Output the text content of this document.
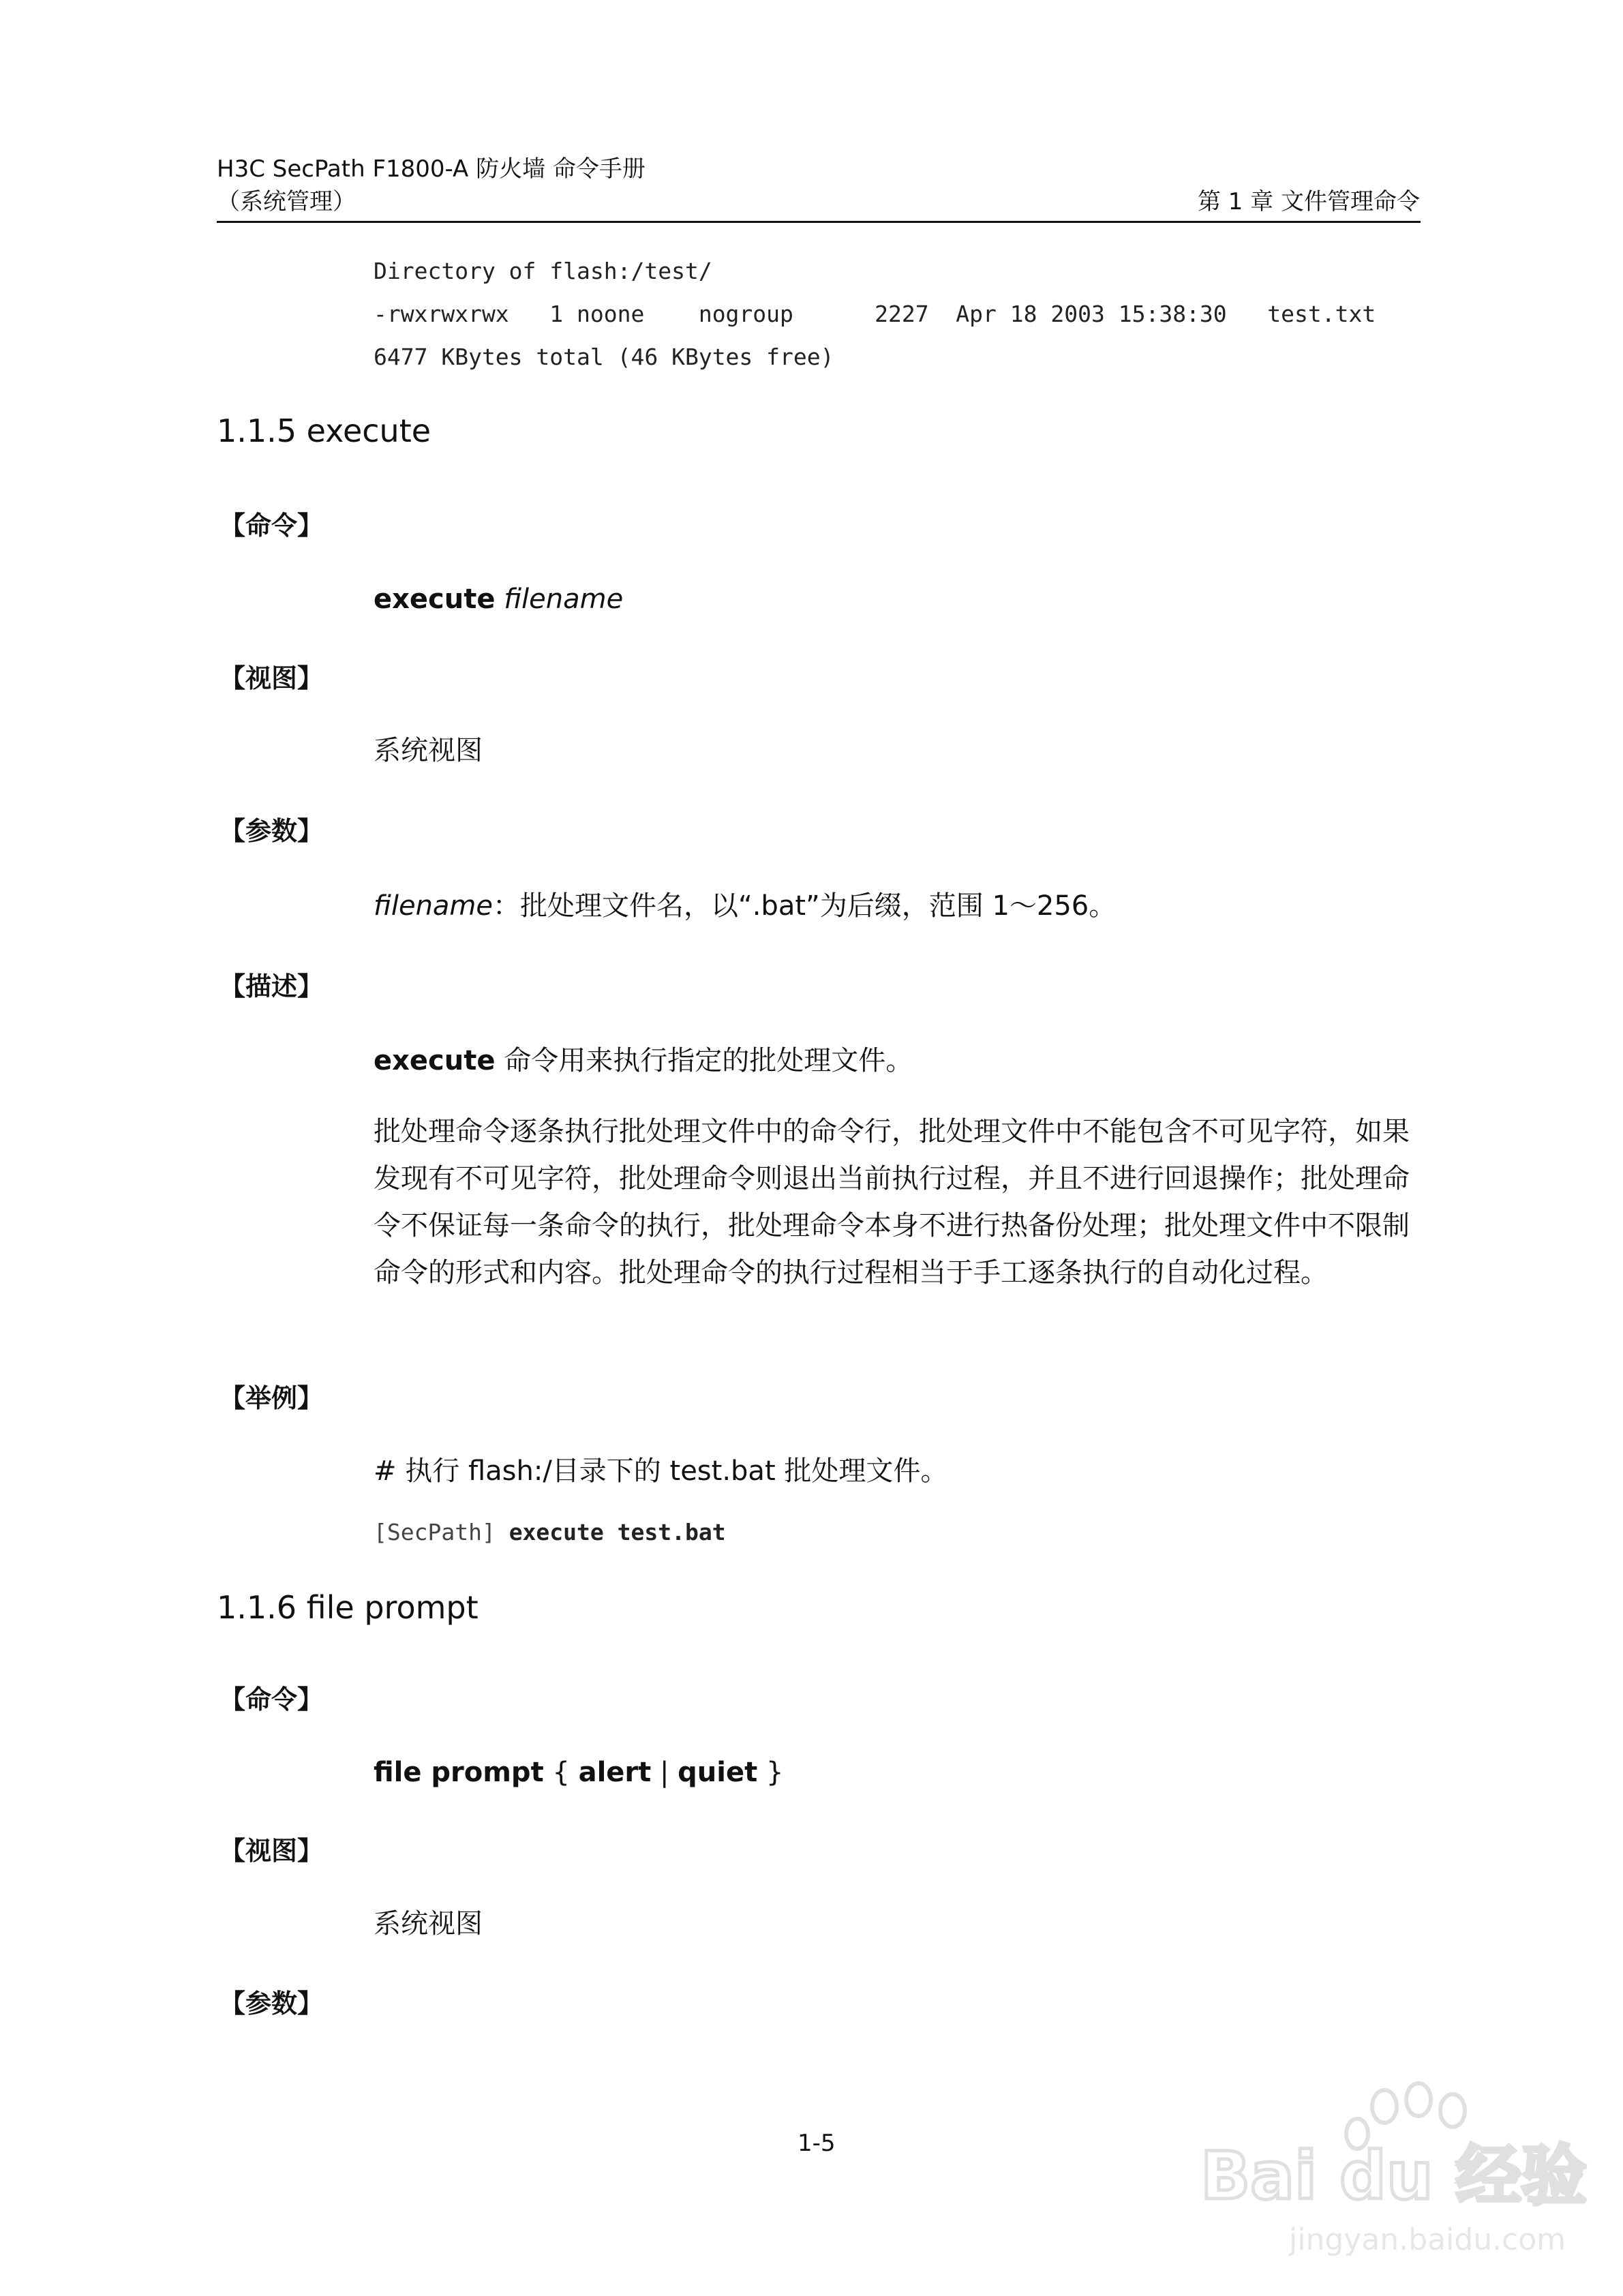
H3C SecPath F1800-A 防火墙 命令手册
（系统管理）	第 1 章 文件管理命令
Directory of flash:/test/
-rwxrwxrwx   1 noone    nogroup      2227  Apr 18 2003 15:38:30   test.txt
6477 KBytes total (46 KBytes free)
1.1.5 execute
【命令】
execute filename
【视图】
系统视图
【参数】
filename：批处理文件名，以“.bat”为后缀，范围 1～256。
【描述】
execute 命令用来执行指定的批处理文件。
批处理命令逐条执行批处理文件中的命令行，批处理文件中不能包含不可见字符，如果发现有不可见字符，批处理命令则退出当前执行过程，并且不进行回退操作；批处理命令不保证每一条命令的执行，批处理命令本身不进行热备份处理；批处理文件中不限制命令的形式和内容。批处理命令的执行过程相当于手工逐条执行的自动化过程。
【举例】
# 执行 flash:/目录下的 test.bat 批处理文件。
[SecPath] execute test.bat
1.1.6 file prompt
【命令】
file prompt { alert | quiet }
【视图】
系统视图
【参数】
1-5	Bai du 经验
jingyan.baidu.com
